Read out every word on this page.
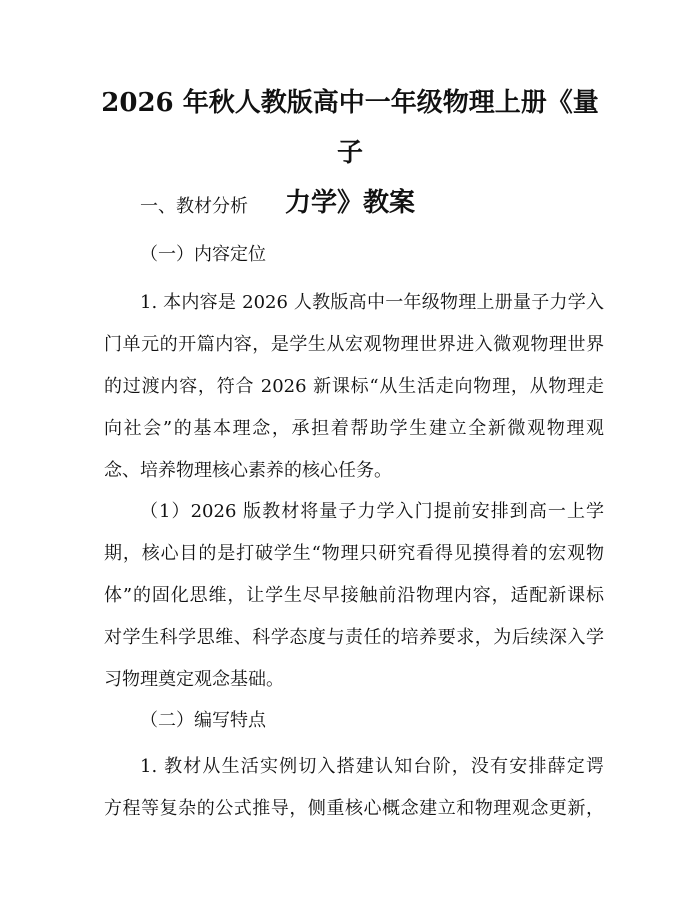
2026 年秋人教版高中一年级物理上册《量子
力学》教案

一、教材分析

（一）内容定位

1. 本内容是 2026 人教版高中一年级物理上册量子力学入

门单元的开篇内容，是学生从宏观物理世界进入微观物理世界

的过渡内容，符合 2026 新课标“从生活走向物理，从物理走

向社会”的基本理念，承担着帮助学生建立全新微观物理观

念、培养物理核心素养的核心任务。

（1）2026 版教材将量子力学入门提前安排到高一上学

期，核心目的是打破学生“物理只研究看得见摸得着的宏观物

体”的固化思维，让学生尽早接触前沿物理内容，适配新课标

对学生科学思维、科学态度与责任的培养要求，为后续深入学

习物理奠定观念基础。

（二）编写特点

1. 教材从生活实例切入搭建认知台阶，没有安排薛定谔

方程等复杂的公式推导，侧重核心概念建立和物理观念更新，
